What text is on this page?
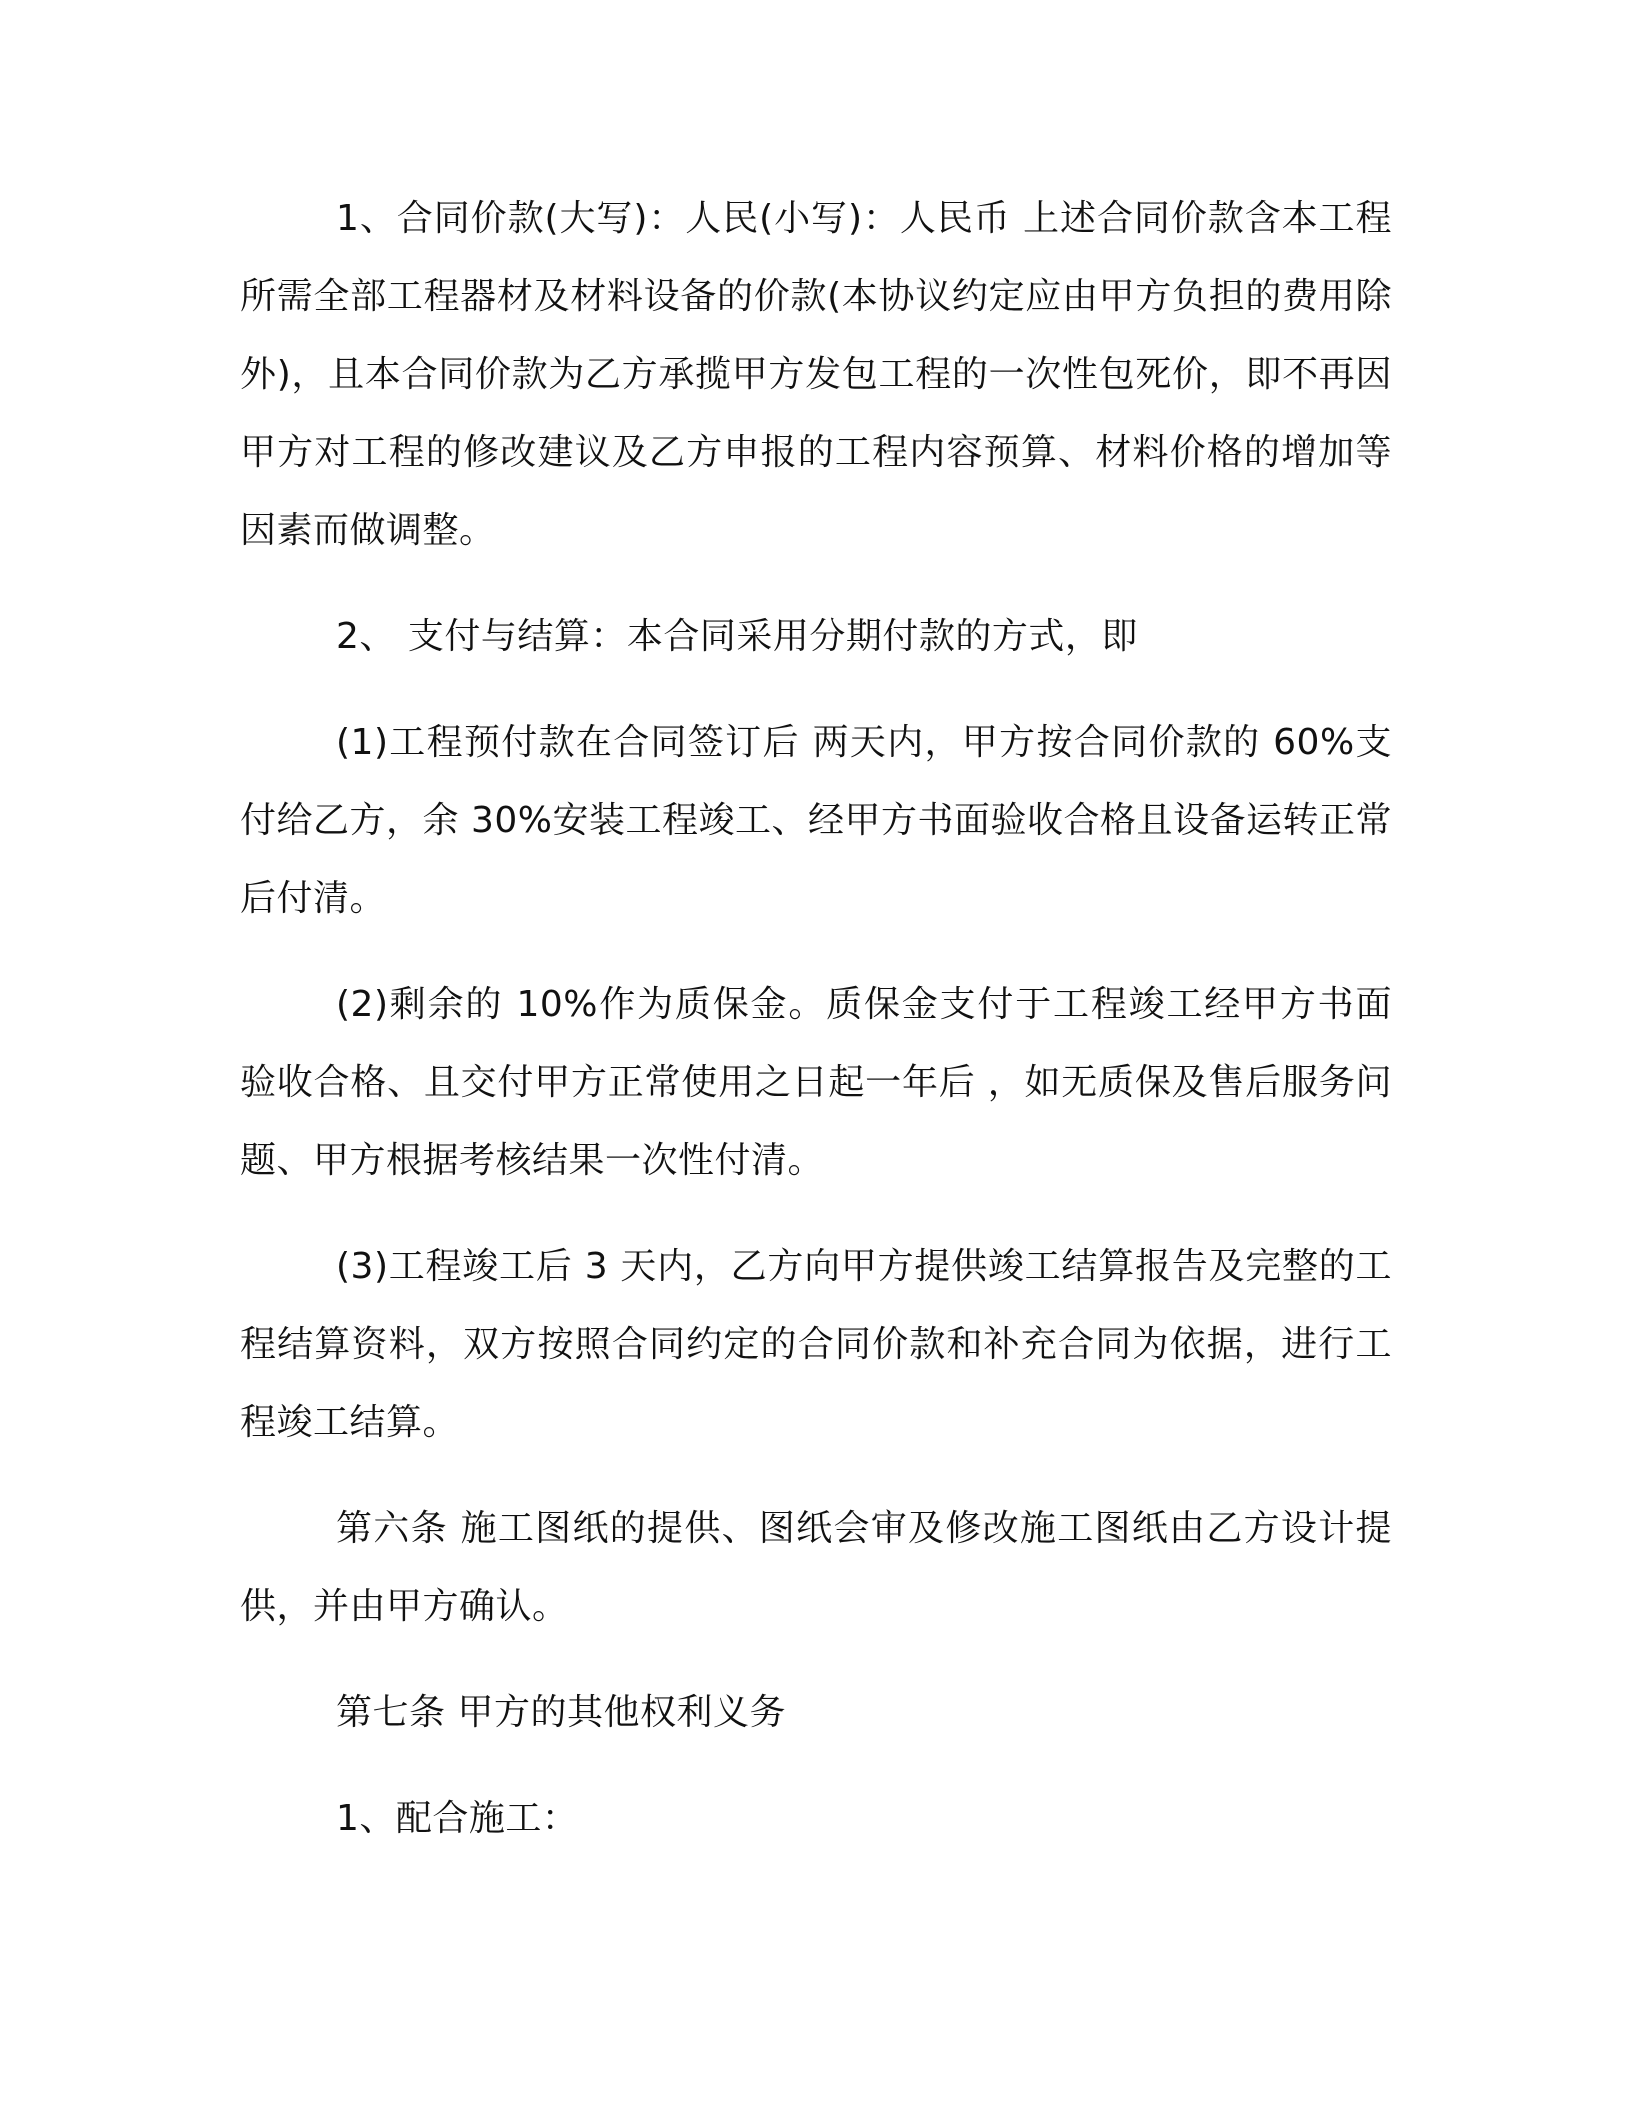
1、合同价款(大写)：人民(小写)：人民币 上述合同价款含本工程所需全部工程器材及材料设备的价款(本协议约定应由甲方负担的费用除外)，且本合同价款为乙方承揽甲方发包工程的一次性包死价，即不再因甲方对工程的修改建议及乙方申报的工程内容预算、材料价格的增加等因素而做调整。

2、 支付与结算：本合同采用分期付款的方式，即

(1)工程预付款在合同签订后 两天内，甲方按合同价款的 60%支付给乙方，余 30%安装工程竣工、经甲方书面验收合格且设备运转正常后付清。

(2)剩余的 10%作为质保金。质保金支付于工程竣工经甲方书面验收合格、且交付甲方正常使用之日起一年后 ，如无质保及售后服务问题、甲方根据考核结果一次性付清。

(3)工程竣工后 3 天内，乙方向甲方提供竣工结算报告及完整的工程结算资料，双方按照合同约定的合同价款和补充合同为依据，进行工程竣工结算。

第六条 施工图纸的提供、图纸会审及修改施工图纸由乙方设计提供，并由甲方确认。

第七条 甲方的其他权利义务

1、配合施工：
